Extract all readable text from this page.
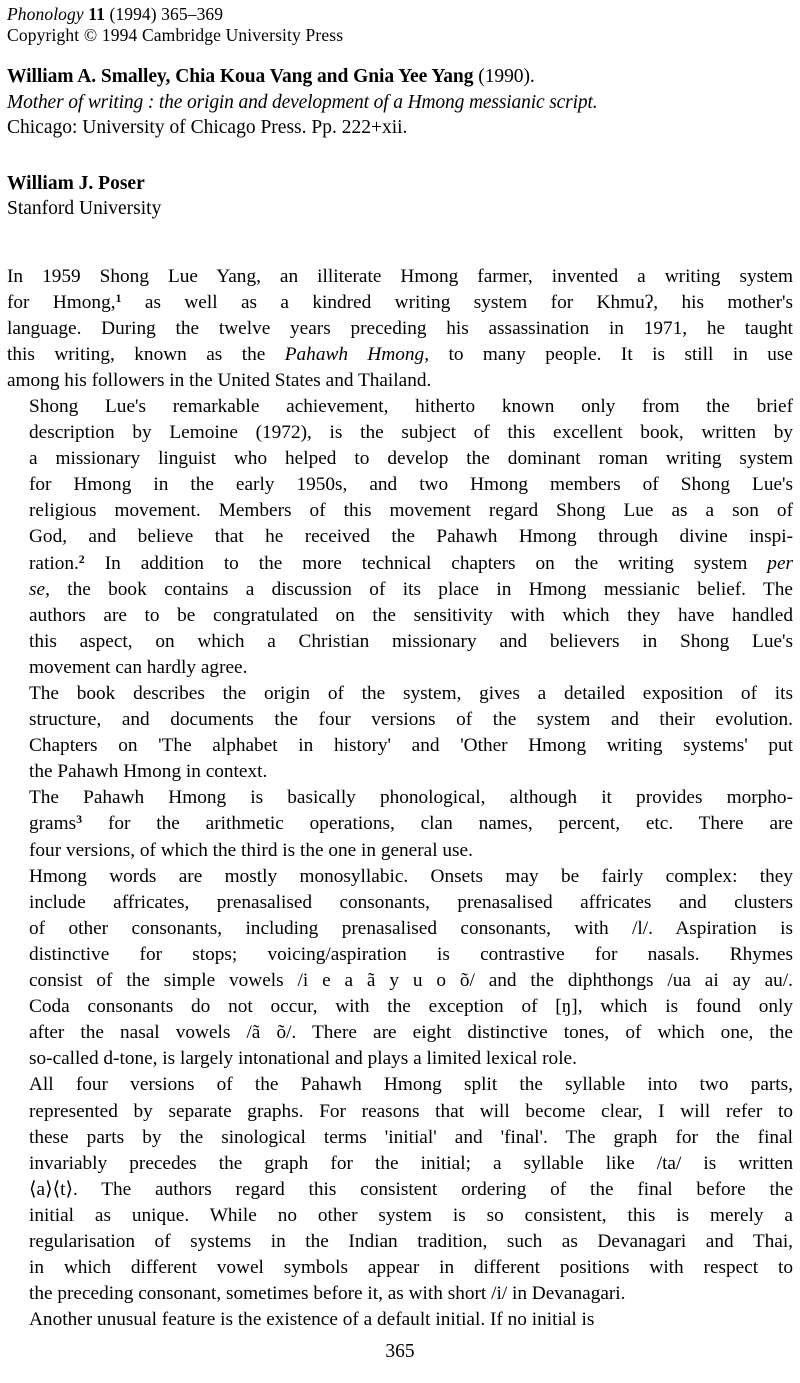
Phonology 11 (1994) 365–369
Copyright © 1994 Cambridge University Press
William A. Smalley, Chia Koua Vang and Gnia Yee Yang (1990).
Mother of writing : the origin and development of a Hmong messianic script.
Chicago: University of Chicago Press. Pp. 222+xii.
William J. Poser
Stanford University

In 1959 Shong Lue Yang, an illiterate Hmong farmer, invented a writing system
for Hmong,$^1$ as well as a kindred writing system for Khmuʔ, his mother's
language. During the twelve years preceding his assassination in 1971, he taught
this writing, known as the Pahawh Hmong, to many people. It is still in use
among his followers in the United States and Thailand.

Shong Lue's remarkable achievement, hitherto known only from the brief
description by Lemoine (1972), is the subject of this excellent book, written by
a missionary linguist who helped to develop the dominant roman writing system
for Hmong in the early 1950s, and two Hmong members of Shong Lue's
religious movement. Members of this movement regard Shong Lue as a son of
God, and believe that he received the Pahawh Hmong through divine inspi-
ration.$^2$ In addition to the more technical chapters on the writing system per
se, the book contains a discussion of its place in Hmong messianic belief. The
authors are to be congratulated on the sensitivity with which they have handled
this aspect, on which a Christian missionary and believers in Shong Lue's
movement can hardly agree.

The book describes the origin of the system, gives a detailed exposition of its
structure, and documents the four versions of the system and their evolution.
Chapters on 'The alphabet in history' and 'Other Hmong writing systems' put
the Pahawh Hmong in context.

The Pahawh Hmong is basically phonological, although it provides morpho-
grams$^3$ for the arithmetic operations, clan names, percent, etc. There are
four versions, of which the third is the one in general use.

Hmong words are mostly monosyllabic. Onsets may be fairly complex: they
include affricates, prenasalised consonants, prenasalised affricates and clusters
of other consonants, including prenasalised consonants, with /l/. Aspiration is
distinctive for stops; voicing/aspiration is contrastive for nasals. Rhymes
consist of the simple vowels /i e a ã y u o õ/ and the diphthongs /ua ai ay au/.
Coda consonants do not occur, with the exception of [ŋ], which is found only
after the nasal vowels /ã õ/. There are eight distinctive tones, of which one, the
so-called d-tone, is largely intonational and plays a limited lexical role.

All four versions of the Pahawh Hmong split the syllable into two parts,
represented by separate graphs. For reasons that will become clear, I will refer to
these parts by the sinological terms 'initial' and 'final'. The graph for the final
invariably precedes the graph for the initial; a syllable like /ta/ is written
⟨a⟩⟨t⟩. The authors regard this consistent ordering of the final before the
initial as unique. While no other system is so consistent, this is merely a
regularisation of systems in the Indian tradition, such as Devanagari and Thai,
in which different vowel symbols appear in different positions with respect to
the preceding consonant, sometimes before it, as with short /i/ in Devanagari.

Another unusual feature is the existence of a default initial. If no initial is

365
